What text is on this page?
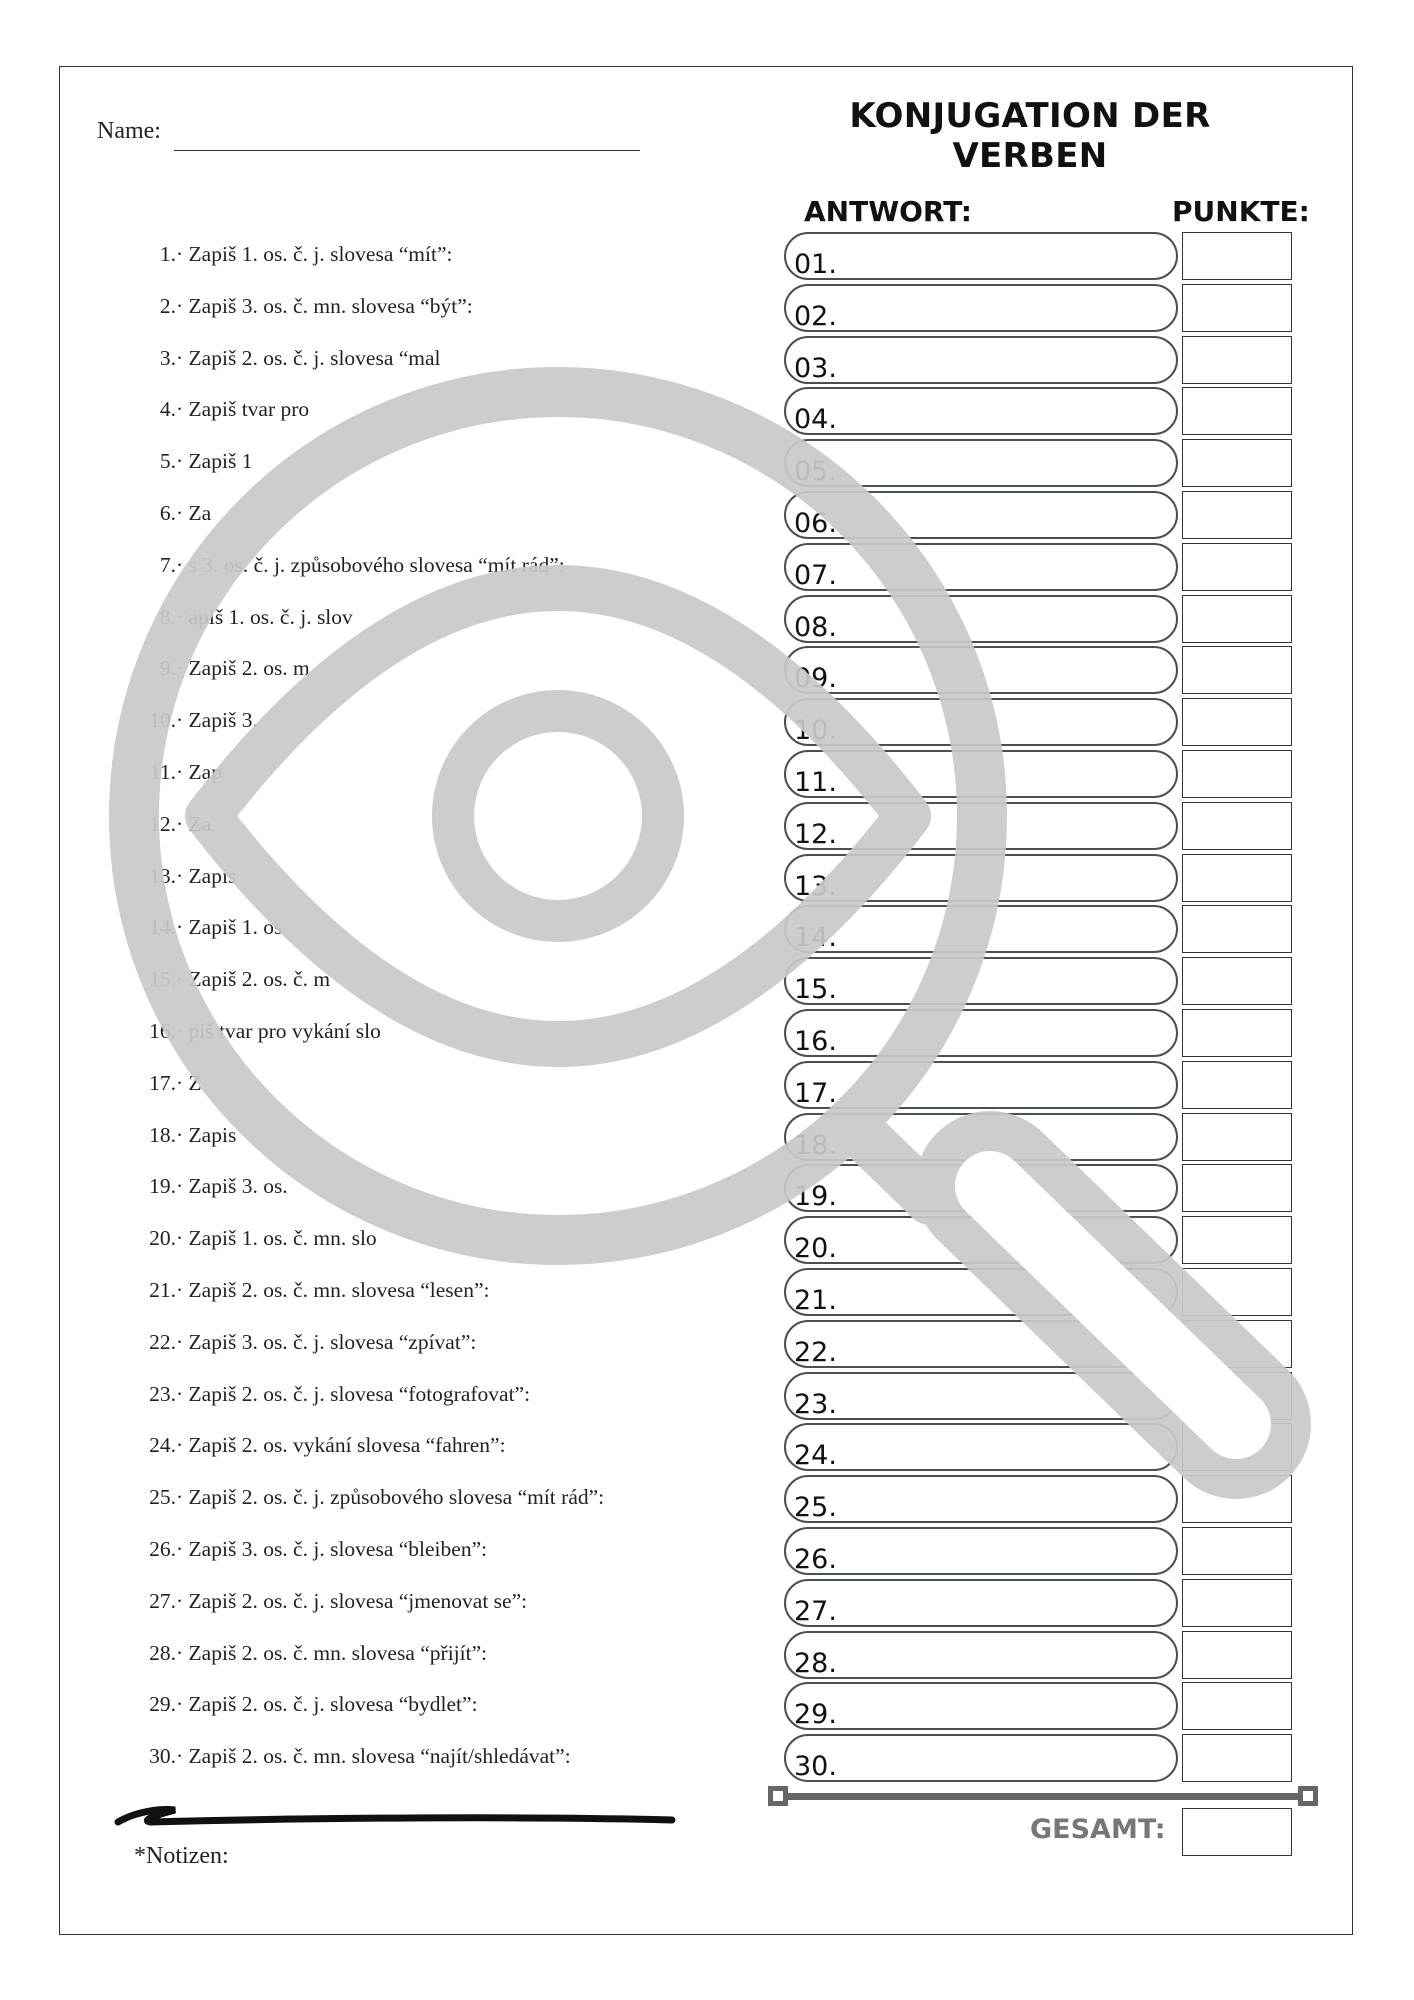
Name:	KONJUGATION DER VERBEN
ANTWORT:	PUNKTE:
1.· Zapiš 1. os. č. j. slovesa “mít”:	01.
2.· Zapiš 3. os. č. mn. slovesa “být”:	02.
3.· Zapiš 2. os. č. j. slovesa “mal	03.
4.· Zapiš tvar pro	04.
5.· Zapiš 1	05.
6.· Za	06.
7.· s 3. os. č. j. způsobového slovesa “mít rád”:	07.
8.· apiš 1. os. č. j. slov	08.
9.· Zapiš 2. os. m	09.
10.· Zapiš 3.	10.
11.· Zap	11.
12.· Za	12.
13.· Zapis	13.
14.· Zapiš 1. os	14.
15.· Zapiš 2. os. č. m	15.
16.· piš tvar pro vykání slo	16.
17.· Z	17.
18.· Zapis	18.
19.· Zapiš 3. os.	19.
20.· Zapiš 1. os. č. mn. slo	20.
21.· Zapiš 2. os. č. mn. slovesa “lesen”:	21.
22.· Zapiš 3. os. č. j. slovesa “zpívat”:	22.
23.· Zapiš 2. os. č. j. slovesa “fotografovat”:	23.
24.· Zapiš 2. os. vykání slovesa “fahren”:	24.
25.· Zapiš 2. os. č. j. způsobového slovesa “mít rád”:	25.
26.· Zapiš 3. os. č. j. slovesa “bleiben”:	26.
27.· Zapiš 2. os. č. j. slovesa “jmenovat se”:	27.
28.· Zapiš 2. os. č. mn. slovesa “přijít”:	28.
29.· Zapiš 2. os. č. j. slovesa “bydlet”:	29.
30.· Zapiš 2. os. č. mn. slovesa “najít/shledávat”:	30.
GESAMT:
*Notizen:
